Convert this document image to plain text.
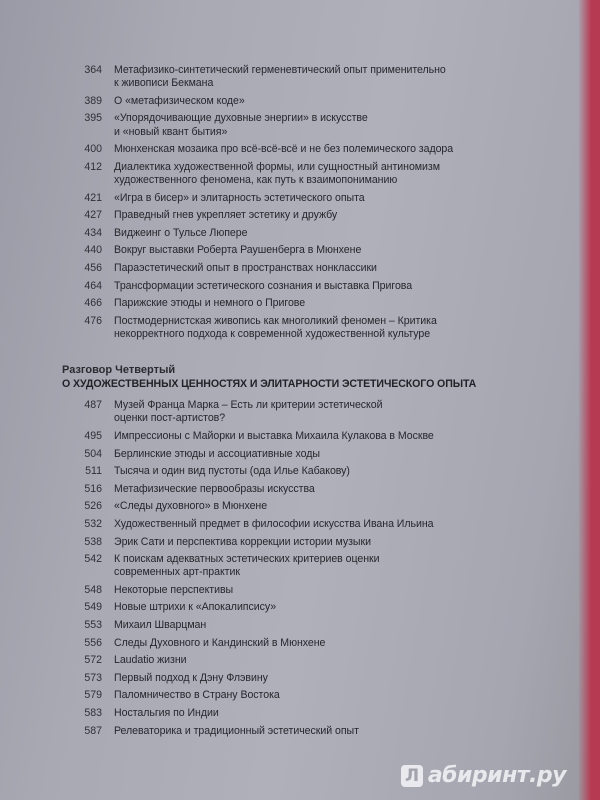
364	Метафизико-синтетический герменевтический опыт применительно
к живописи Бекмана
389	О «метафизическом коде»
395	«Упорядочивающие духовные энергии» в искусстве
и «новый квант бытия»
400	Мюнхенская мозаика про всё-всё-всё и не без полемического задора
412	Диалектика художественной формы, или сущностный антиномизм
художественного феномена, как путь к взаимопониманию
421	«Игра в бисер» и элитарность эстетического опыта
427	Праведный гнев укрепляет эстетику и дружбу
434	Виджеинг о Тульсе Люпере
440	Вокруг выставки Роберта Раушенберга в Мюнхене
456	Параэстетический опыт в пространствах нонклассики
464	Трансформации эстетического сознания и выставка Пригова
466	Парижские этюды и немного о Пригове
476	Постмодернистская живопись как многоликий феномен – Критика
некорректного подхода к современной художественной культуре
Разговор Четвертый
О ХУДОЖЕСТВЕННЫХ ЦЕННОСТЯХ И ЭЛИТАРНОСТИ ЭСТЕТИЧЕСКОГО ОПЫТА
487	Музей Франца Марка – Есть ли критерии эстетической
оценки пост-артистов?
495	Импрессионы с Майорки и выставка Михаила Кулакова в Москве
504	Берлинские этюды и ассоциативные ходы
511	Тысяча и один вид пустоты (ода Илье Кабакову)
516	Метафизические первообразы искусства
526	«Следы духовного» в Мюнхене
532	Художественный предмет в философии искусства Ивана Ильина
538	Эрик Сати и перспектива коррекции истории музыки
542	К поискам адекватных эстетических критериев оценки
современных арт-практик
548	Некоторые перспективы
549	Новые штрихи к «Апокалипсису»
553	Михаил Шварцман
556	Следы Духовного и Кандинский в Мюнхене
572	Laudatio жизни
573	Первый подход к Дэну Флэвину
579	Паломничество в Страну Востока
583	Ностальгия по Индии
587	Релеваторика и традиционный эстетический опыт
Л абиринт.ру
